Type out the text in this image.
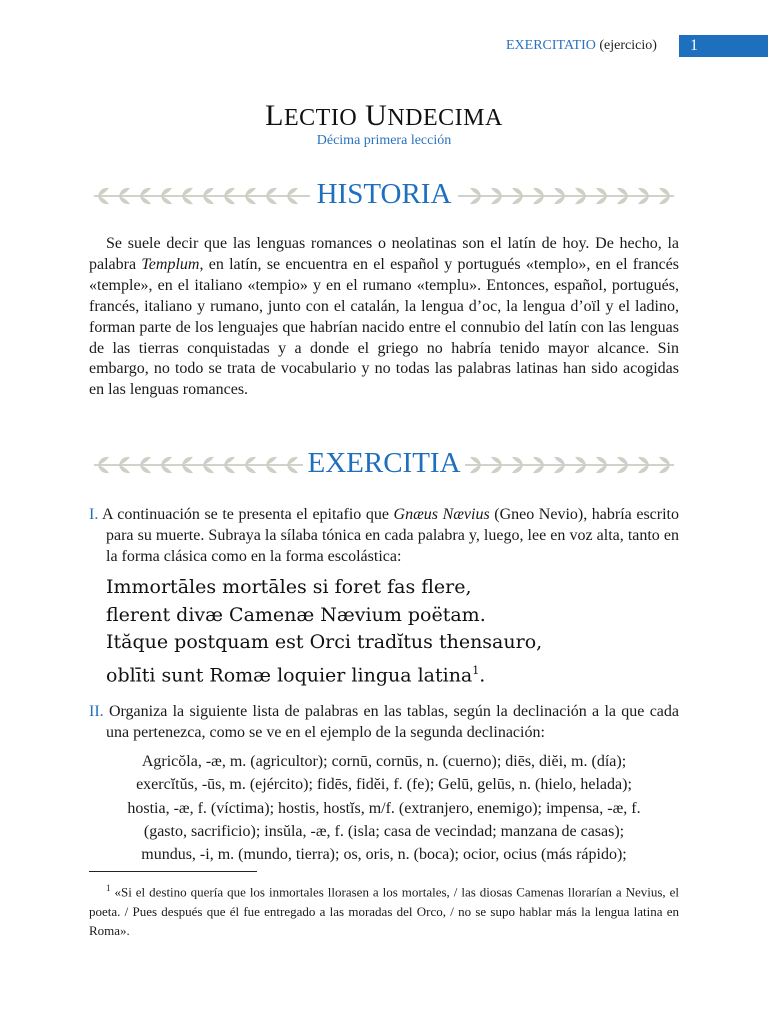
EXERCITATIO (ejercicio) 1
LECTIO UNDECIMA
Décima primera lección
HISTORIA

Se suele decir que las lenguas romances o neolatinas son el latín de hoy. De hecho, la palabra Templum, en latín, se encuentra en el español y portugués «templo», en el francés «temple», en el italiano «tempio» y en el rumano «templu». Entonces, español, portugués, francés, italiano y rumano, junto con el catalán, la lengua d’oc, la lengua d’oïl y el ladino, forman parte de los lenguajes que habrían nacido entre el connubio del latín con las lenguas de las tierras conquistadas y a donde el griego no habría tenido mayor alcance. Sin embargo, no todo se trata de vocabulario y no todas las palabras latinas han sido acogidas en las lenguas romances.

EXERCITIA
I. A continuación se te presenta el epitafio que Gnæus Nævius (Gneo Nevio), habría escrito para su muerte. Subraya la sílaba tónica en cada palabra y, luego, lee en voz alta, tanto en la forma clásica como en la forma escolástica:
Immortāles mortāles si foret fas flere,
flerent divæ Camenæ Nævium poëtam.
Ităque postquam est Orci tradĭtus thensauro,
oblīti sunt Romæ loquier lingua latina$^1$.
II. Organiza la siguiente lista de palabras en las tablas, según la declinación a la que cada una pertenezca, como se ve en el ejemplo de la segunda declinación:
Agricŏla, -æ, m. (agricultor); cornū, cornūs, n. (cuerno); diēs, diĕi, m. (día);
exercĭtŭs, -ūs, m. (ejército); fidēs, fidĕi, f. (fe); Gelū, gelūs, n. (hielo, helada);
hostia, -æ, f. (víctima); hostis, hostĭs, m/f. (extranjero, enemigo); impensa, -æ, f.
(gasto, sacrificio); insŭla, -æ, f. (isla; casa de vecindad; manzana de casas);
mundus, -i, m. (mundo, tierra); os, oris, n. (boca); ocior, ocius (más rápido);
$^1$ «Si el destino quería que los inmortales llorasen a los mortales, / las diosas Camenas llorarían a Nevius, el poeta. / Pues después que él fue entregado a las moradas del Orco, / no se supo hablar más la lengua latina en Roma».
